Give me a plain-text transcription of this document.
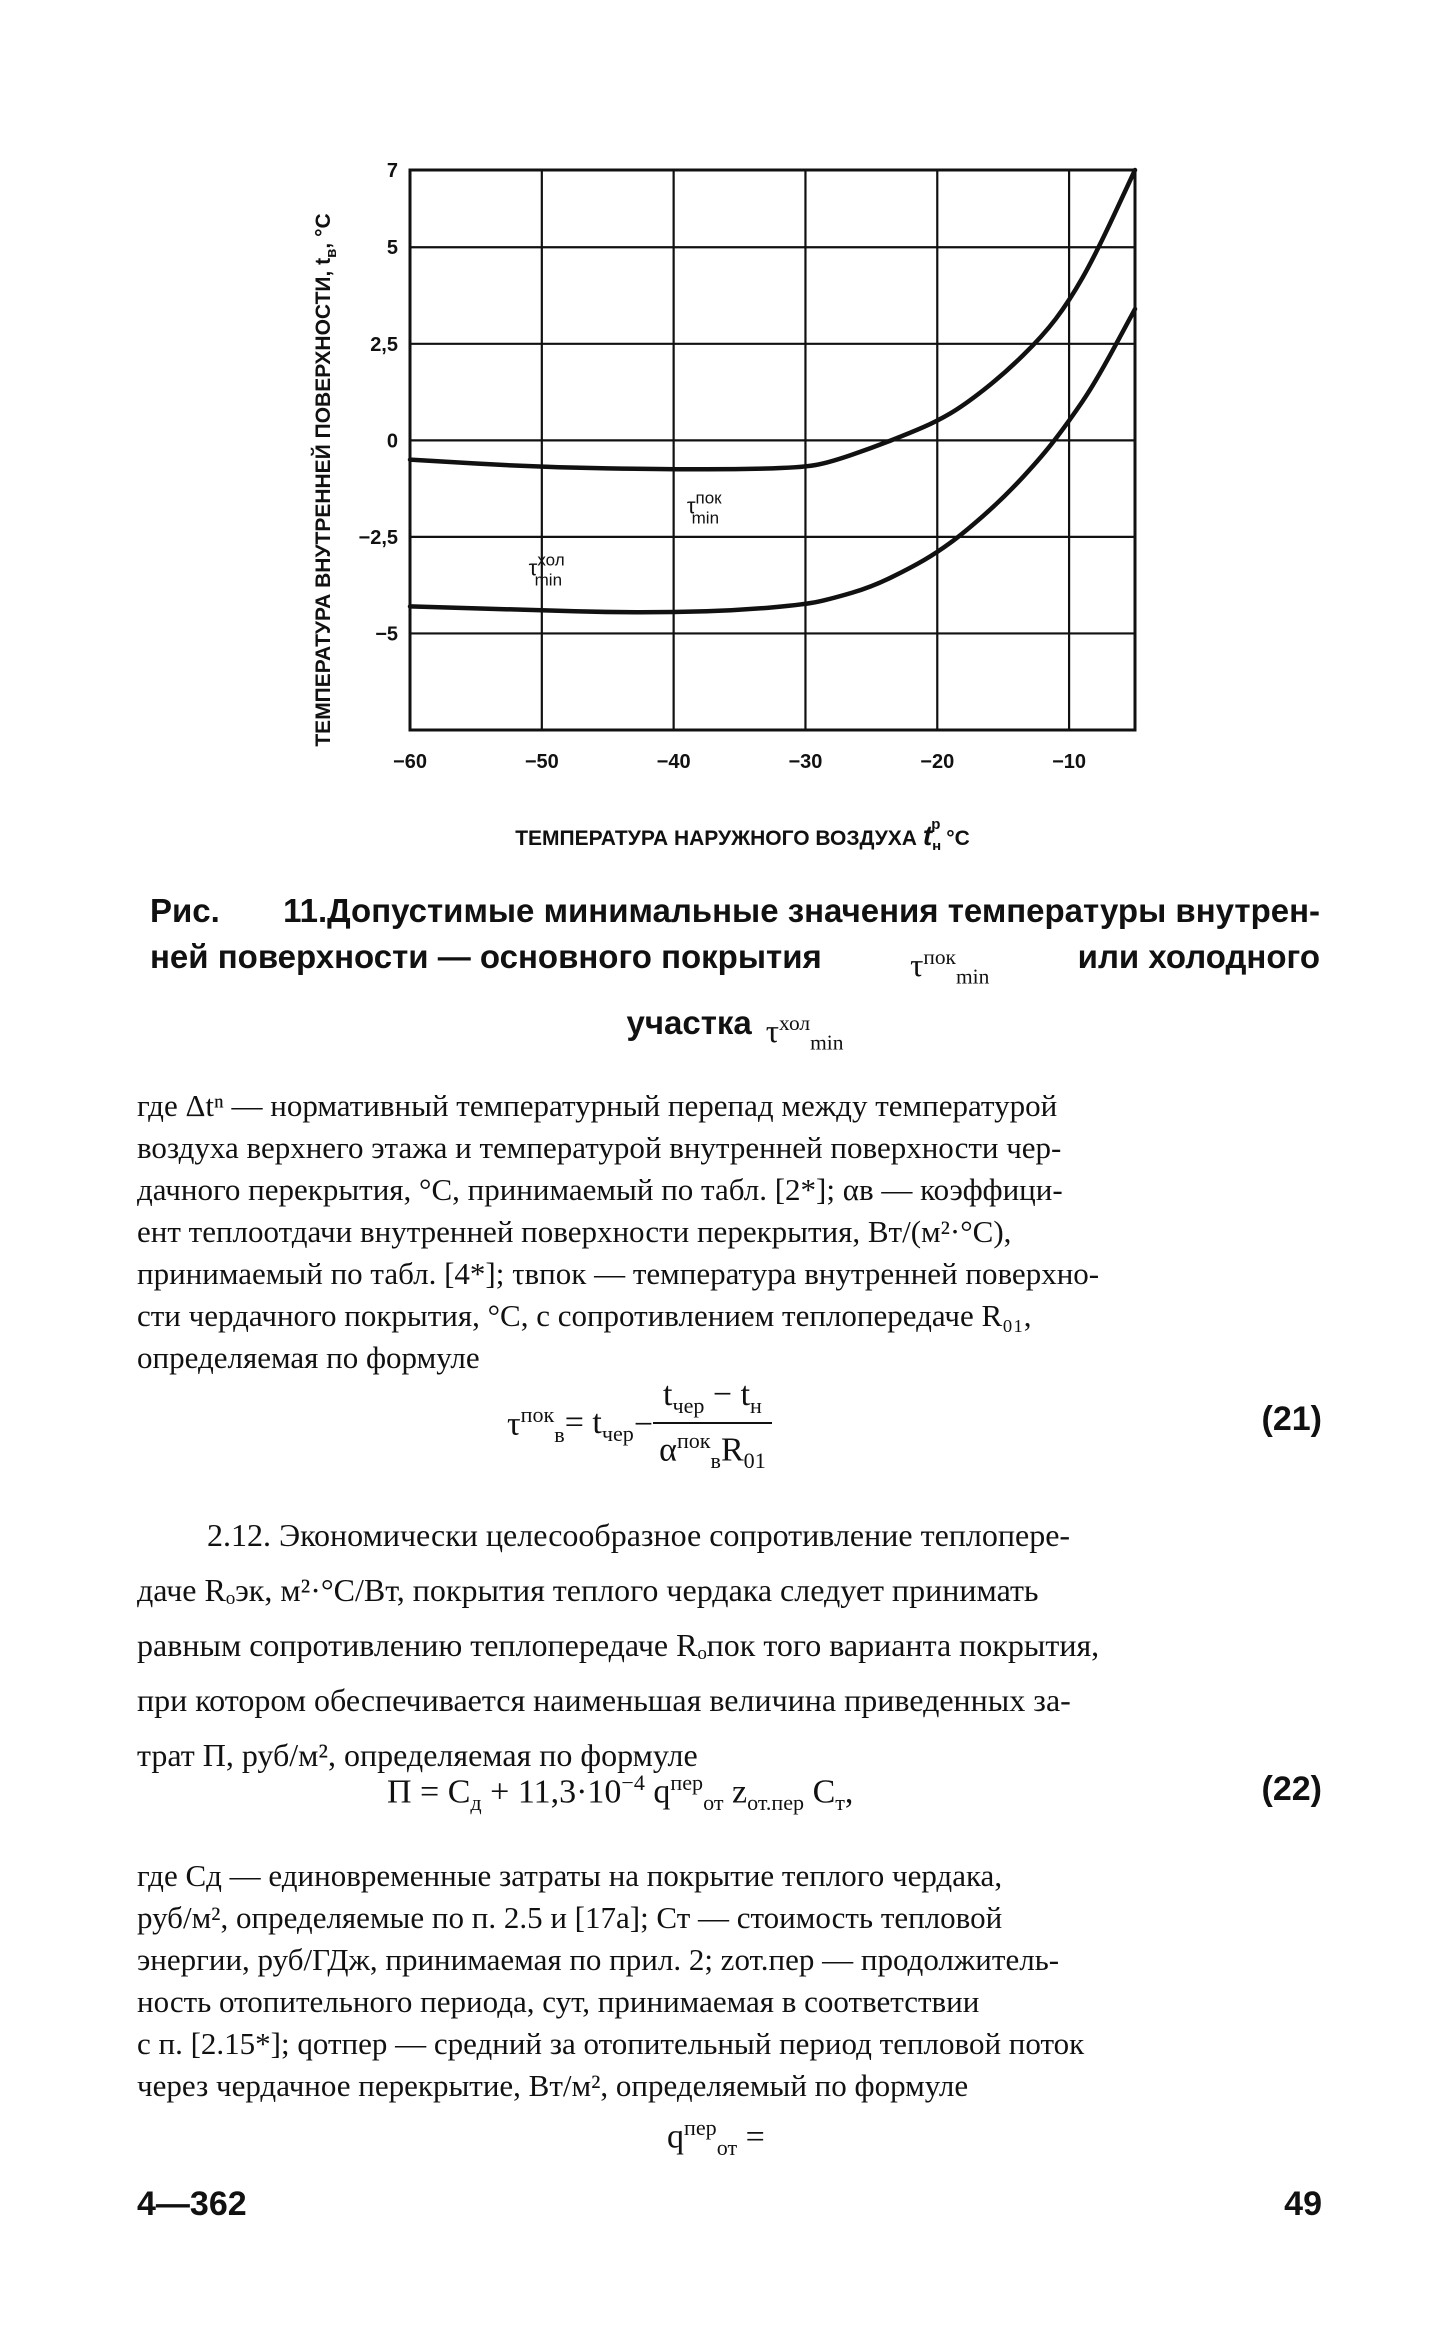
−60	−50	−40	−30	−20	−10
7
5
2,5
0
−2,5
−5
$\tau^{пок}$ min
$\tau^{хол}$ min
ТЕМПЕРАТУРА ВНУТРЕННЕЙ ПОВЕРХНОСТИ, $t_в$, °С
ТЕМПЕРАТУРА НАРУЖНОГО ВОЗДУХА $t_нр$ °С
Рис. 11.Допустимые минимальные значения температуры внутрен-
ней поверхности — основного покрытия	$\tau^{пок}_{min}$
или холодного
участка $\tau^{хол}_{min}$
где Δtⁿ — нормативный температурный перепад между температурой
воздуха верхнего этажа и температурой внутренней поверхности чер-
дачного перекрытия, °С, принимаемый по табл. [2*]; αв — коэффици-
ент теплоотдачи внутренней поверхности перекрытия, Вт/(м²·°С),
принимаемый по табл. [4*]; τвпок — температура внутренней поверхно-
сти чердачного покрытия, °С, с сопротивлением теплопередаче R₀₁,
определяемая по формуле
$\tau^{пок}_в = t_{чер} - \frac{t_{чер} - t_н}{\alpha^{пок}_вR_{01}}$	(21)
2.12. Экономически целесообразное сопротивление теплопере-
даче Rₒэк, м²·°С/Вт, покрытия теплого чердака следует принимать
равным сопротивлению теплопередаче Rₒпок того варианта покрытия,
при котором обеспечивается наименьшая величина приведенных за-
трат П, руб/м², определяемая по формуле
$П = С_д + 11,3\cdot 10^{-4}$ $q^{пер}_{от}$ $z_{от.пер}$ $С_т$,	(22)
где Сд — единовременные затраты на покрытие теплого чердака,
руб/м², определяемые по п. 2.5 и [17а]; Ст — стоимость тепловой
энергии, руб/ГДж, принимаемая по прил. 2; zот.пер — продолжитель-
ность отопительного периода, сут, принимаемая в соответствии
с п. [2.15*]; qотпер — средний за отопительный период тепловой поток
через чердачное перекрытие, Вт/м², определяемый по формуле
$q^{пер}_{от}$ =
4—362	49
